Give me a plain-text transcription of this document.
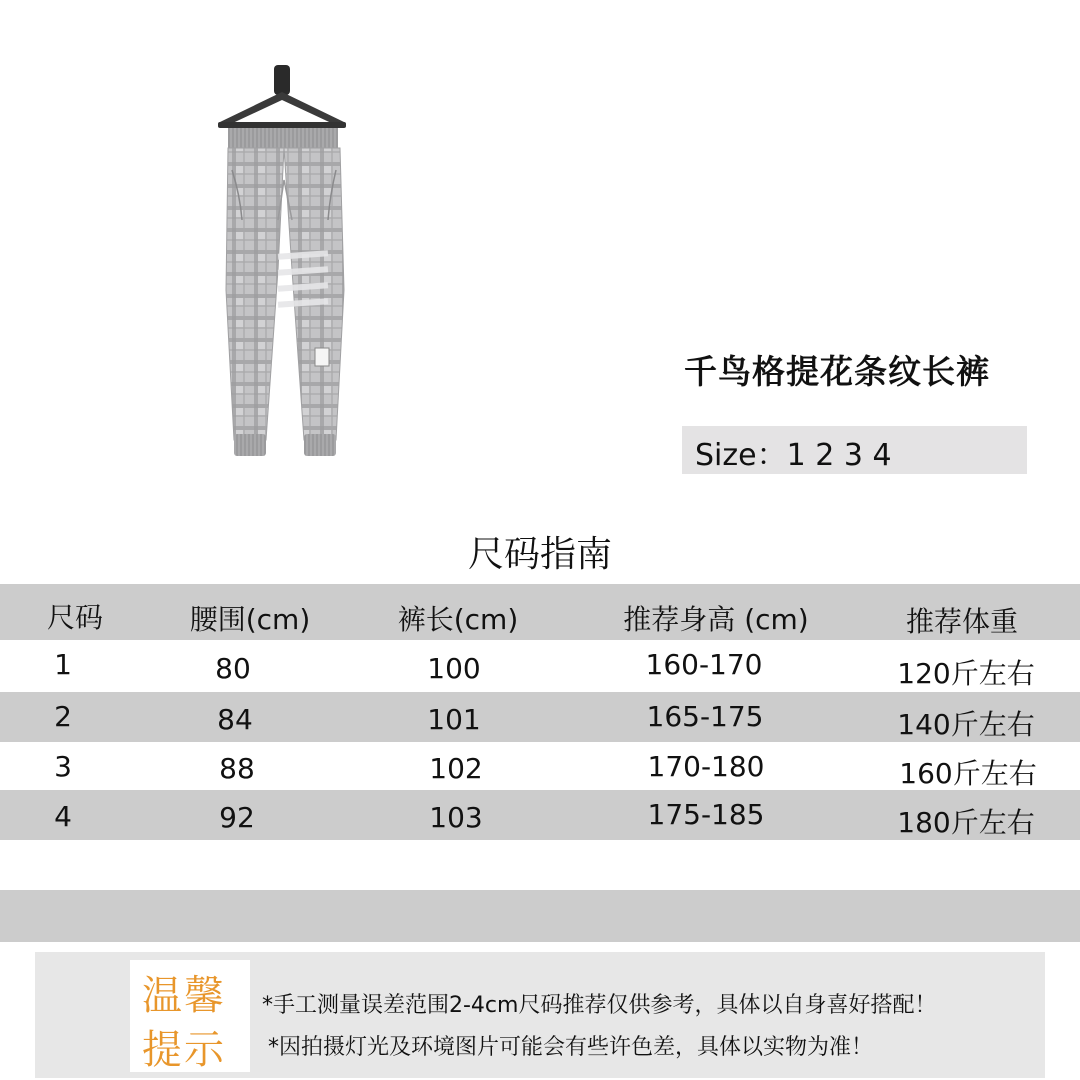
千鸟格提花条纹长裤
Size：1 2 3 4
尺码指南
尺码	腰围(cm)	裤长(cm)	推荐身高 (cm)	推荐体重
1	80	100	160-170	120斤左右
2	84	101	165-175	140斤左右
3	88	102	170-180	160斤左右
4	92	103	175-185	180斤左右
*手工测量误差范围2-4cm尺码推荐仅供参考，具体以自身喜好搭配！
*因拍摄灯光及环境图片可能会有些许色差，具体以实物为准！
温馨
提示
